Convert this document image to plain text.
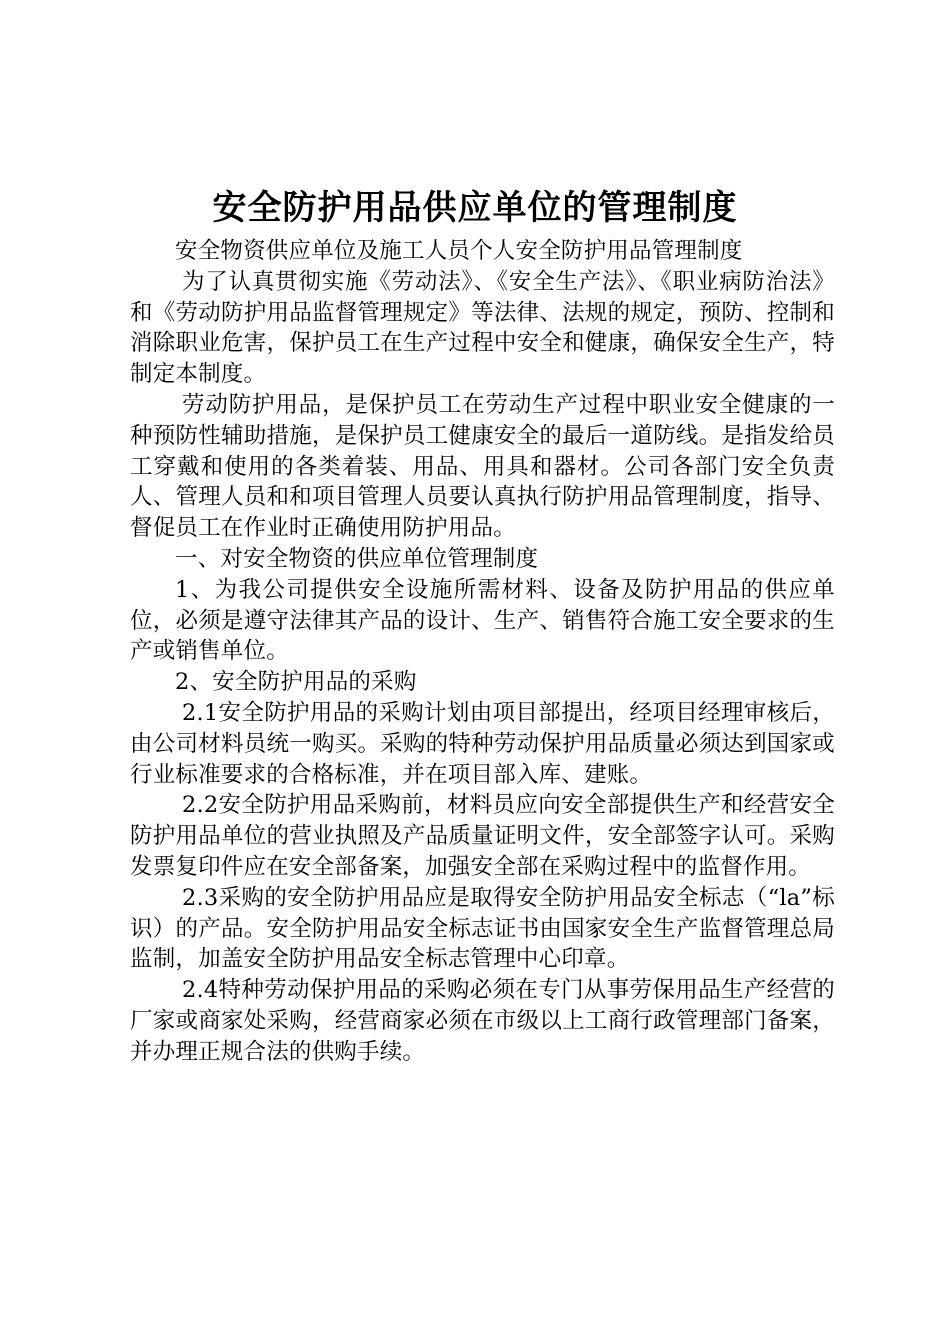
安全防护用品供应单位的管理制度

安全物资供应单位及施工人员个人安全防护用品管理制度

为了认真贯彻实施《劳动法》、《安全生产法》、《职业病防治法》和《劳动防护用品监督管理规定》等法律、法规的规定，预防、控制和消除职业危害，保护员工在生产过程中安全和健康，确保安全生产，特制定本制度。

劳动防护用品，是保护员工在劳动生产过程中职业安全健康的一种预防性辅助措施，是保护员工健康安全的最后一道防线。是指发给员工穿戴和使用的各类着装、用品、用具和器材。公司各部门安全负责人、管理人员和和项目管理人员要认真执行防护用品管理制度，指导、督促员工在作业时正确使用防护用品。

一、对安全物资的供应单位管理制度

1、为我公司提供安全设施所需材料、设备及防护用品的供应单位，必须是遵守法律其产品的设计、生产、销售符合施工安全要求的生产或销售单位。

2、安全防护用品的采购

2.1安全防护用品的采购计划由项目部提出，经项目经理审核后，由公司材料员统一购买。采购的特种劳动保护用品质量必须达到国家或行业标准要求的合格标准，并在项目部入库、建账。

2.2安全防护用品采购前，材料员应向安全部提供生产和经营安全防护用品单位的营业执照及产品质量证明文件，安全部签字认可。采购发票复印件应在安全部备案，加强安全部在采购过程中的监督作用。

2.3采购的安全防护用品应是取得安全防护用品安全标志（“la”标识）的产品。安全防护用品安全标志证书由国家安全生产监督管理总局监制，加盖安全防护用品安全标志管理中心印章。

2.4特种劳动保护用品的采购必须在专门从事劳保用品生产经营的厂家或商家处采购，经营商家必须在市级以上工商行政管理部门备案，并办理正规合法的供购手续。
